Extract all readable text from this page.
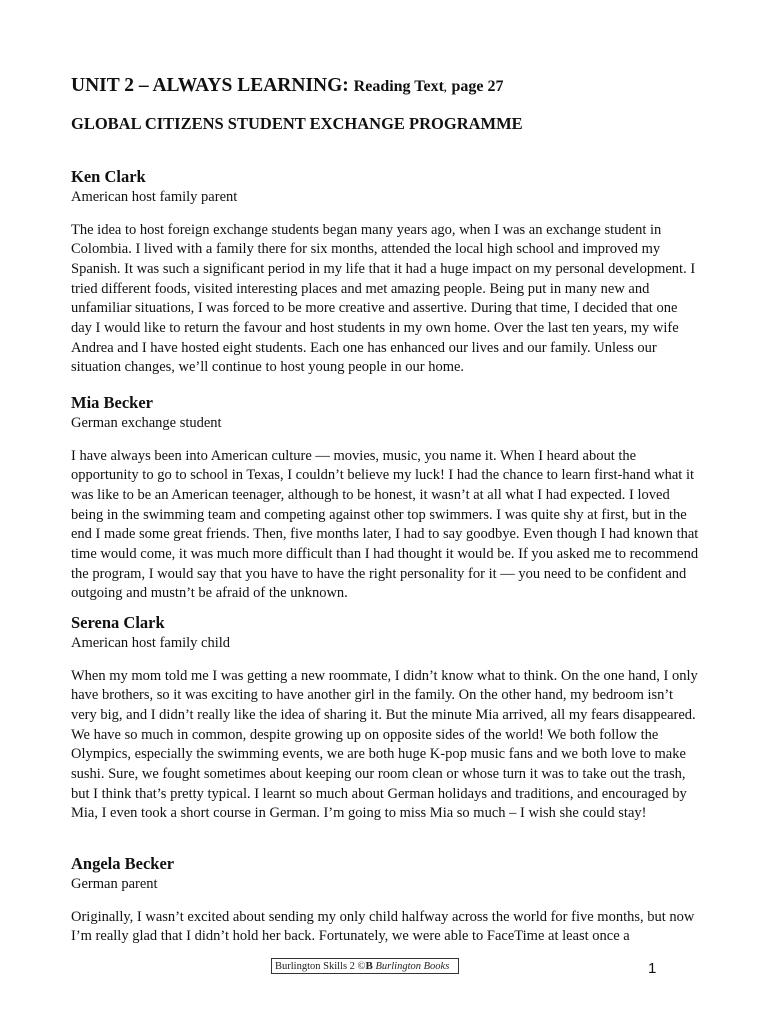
UNIT 2 – ALWAYS LEARNING: Reading Text, page 27
GLOBAL CITIZENS STUDENT EXCHANGE PROGRAMME

Ken Clark

American host family parent

The idea to host foreign exchange students began many years ago, when I was an exchange student in Colombia. I lived with a family there for six months, attended the local high school and improved my Spanish. It was such a significant period in my life that it had a huge impact on my personal development. I tried different foods, visited interesting places and met amazing people. Being put in many new and unfamiliar situations, I was forced to be more creative and assertive. During that time, I decided that one day I would like to return the favour and host students in my own home. Over the last ten years, my wife Andrea and I have hosted eight students. Each one has enhanced our lives and our family. Unless our situation changes, we’ll continue to host young people in our home.

Mia Becker

German exchange student

I have always been into American culture — movies, music, you name it. When I heard about the opportunity to go to school in Texas, I couldn’t believe my luck! I had the chance to learn first-hand what it was like to be an American teenager, although to be honest, it wasn’t at all what I had expected. I loved being in the swimming team and competing against other top swimmers. I was quite shy at first, but in the end I made some great friends. Then, five months later, I had to say goodbye. Even though I had known that time would come, it was much more difficult than I had thought it would be. If you asked me to recommend the program, I would say that you have to have the right personality for it — you need to be confident and outgoing and mustn’t be afraid of the unknown.

Serena Clark

American host family child

When my mom told me I was getting a new roommate, I didn’t know what to think. On the one hand, I only have brothers, so it was exciting to have another girl in the family. On the other hand, my bedroom isn’t very big, and I didn’t really like the idea of sharing it. But the minute Mia arrived, all my fears disappeared. We have so much in common, despite growing up on opposite sides of the world! We both follow the Olympics, especially the swimming events, we are both huge K-pop music fans and we both love to make sushi. Sure, we fought sometimes about keeping our room clean or whose turn it was to take out the trash, but I think that’s pretty typical. I learnt so much about German holidays and traditions, and encouraged by Mia, I even took a short course in German. I’m going to miss Mia so much – I wish she could stay!

Angela Becker

German parent

Originally, I wasn’t excited about sending my only child halfway across the world for five months, but now I’m really glad that I didn’t hold her back. Fortunately, we were able to FaceTime at least once a

Burlington Skills 2 ©B Burlington Books	1
